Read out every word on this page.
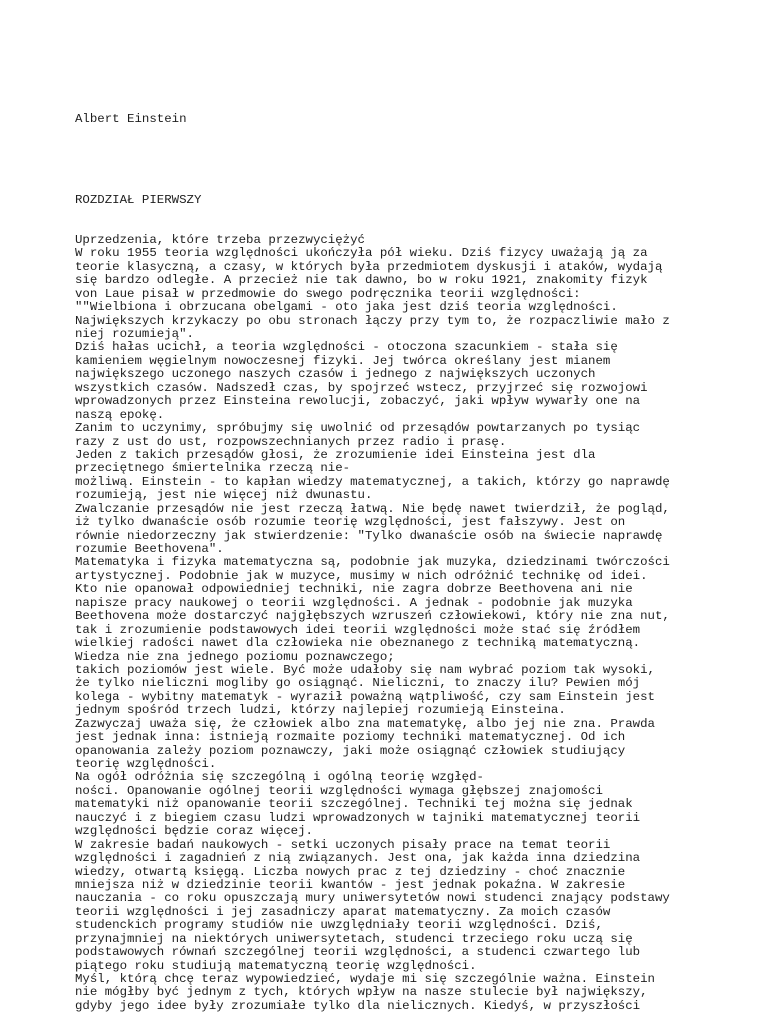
Albert Einstein

ROZDZIAŁ PIERWSZY

Uprzedzenia, które trzeba przezwyciężyć
W roku 1955 teoria względności ukończyła pół wieku. Dziś fizycy uważają ją za
teorie klasyczną, a czasy, w których była przedmiotem dyskusji i ataków, wydają
się bardzo odległe. A przecież nie tak dawno, bo w roku 1921, znakomity fizyk
von Laue pisał w przedmowie do swego podręcznika teorii względności:
""Wielbiona i obrzucana obelgami - oto jaka jest dziś teoria względności.
Największych krzykaczy po obu stronach łączy przy tym to, że rozpaczliwie mało z
niej rozumieją".
Dziś hałas ucichł, a teoria względności - otoczona szacunkiem - stała się
kamieniem węgielnym nowoczesnej fizyki. Jej twórca określany jest mianem
największego uczonego naszych czasów i jednego z największych uczonych
wszystkich czasów. Nadszedł czas, by spojrzeć wstecz, przyjrzeć się rozwojowi
wprowadzonych przez Einsteina rewolucji, zobaczyć, jaki wpływ wywarły one na
naszą epokę.
Zanim to uczynimy, spróbujmy się uwolnić od przesądów powtarzanych po tysiąc
razy z ust do ust, rozpowszechnianych przez radio i prasę.
Jeden z takich przesądów głosi, że zrozumienie idei Einsteina jest dla
przeciętnego śmiertelnika rzeczą nie-
możliwą. Einstein - to kapłan wiedzy matematycznej, a takich, którzy go naprawdę
rozumieją, jest nie więcej niż dwunastu.
Zwalczanie przesądów nie jest rzeczą łatwą. Nie będę nawet twierdził, że pogląd,
iż tylko dwanaście osób rozumie teorię względności, jest fałszywy. Jest on
równie niedorzeczny jak stwierdzenie: "Tylko dwanaście osób na świecie naprawdę
rozumie Beethovena".
Matematyka i fizyka matematyczna są, podobnie jak muzyka, dziedzinami twórczości
artystycznej. Podobnie jak w muzyce, musimy w nich odróżnić technikę od idei.
Kto nie opanował odpowiedniej techniki, nie zagra dobrze Beethovena ani nie
napisze pracy naukowej o teorii względności. A jednak - podobnie jak muzyka
Beethovena może dostarczyć najgłębszych wzruszeń człowiekowi, który nie zna nut,
tak i zrozumienie podstawowych idei teorii względności może stać się źródłem
wielkiej radości nawet dla człowieka nie obeznanego z techniką matematyczną.
Wiedza nie zna jednego poziomu poznawczego;
takich poziomów jest wiele. Być może udałoby się nam wybrać poziom tak wysoki,
że tylko nieliczni mogliby go osiągnąć. Nieliczni, to znaczy ilu? Pewien mój
kolega - wybitny matematyk - wyraził poważną wątpliwość, czy sam Einstein jest
jednym spośród trzech ludzi, którzy najlepiej rozumieją Einsteina.
Zazwyczaj uważa się, że człowiek albo zna matematykę, albo jej nie zna. Prawda
jest jednak inna: istnieją rozmaite poziomy techniki matematycznej. Od ich
opanowania zależy poziom poznawczy, jaki może osiągnąć człowiek studiujący
teorię względności.
Na ogół odróżnia się szczególną i ogólną teorię wzgłęd-
ności. Opanowanie ogólnej teorii względności wymaga głębszej znajomości
matematyki niż opanowanie teorii szczególnej. Techniki tej można się jednak
nauczyć i z biegiem czasu ludzi wprowadzonych w tajniki matematycznej teorii
względności będzie coraz więcej.
W zakresie badań naukowych - setki uczonych pisały prace na temat teorii
względności i zagadnień z nią związanych. Jest ona, jak każda inna dziedzina
wiedzy, otwartą księgą. Liczba nowych prac z tej dziedziny - choć znacznie
mniejsza niż w dziedzinie teorii kwantów - jest jednak pokaźna. W zakresie
nauczania - co roku opuszczają mury uniwersytetów nowi studenci znający podstawy
teorii względności i jej zasadniczy aparat matematyczny. Za moich czasów
studenckich programy studiów nie uwzględniały teorii względności. Dziś,
przynajmniej na niektórych uniwersytetach, studenci trzeciego roku uczą się
podstawowych równań szczególnej teorii względności, a studenci czwartego lub
piątego roku studiują matematyczną teorię względności.
Myśl, którą chcę teraz wypowiedzieć, wydaje mi się szczególnie ważna. Einstein
nie mógłby być jednym z tych, których wpływ na nasze stulecie był największy,
gdyby jego idee były zrozumiałe tylko dla nielicznych. Kiedyś, w przyszłości
